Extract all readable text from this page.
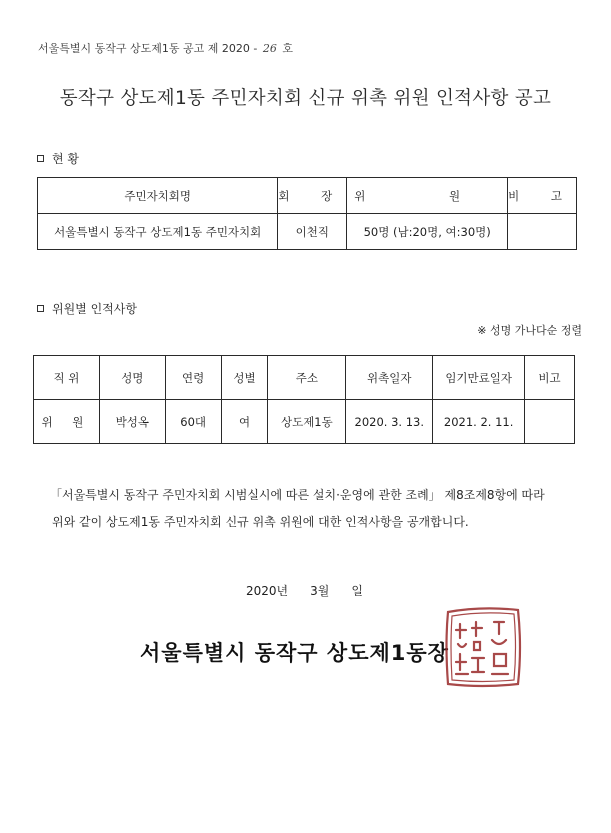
서울특별시 동작구 상도제1동 공고 제 2020 - 26 호
동작구 상도제1동 주민자치회 신규 위촉 위원 인적사항 공고
현 황
주민자치회명	회 장	위 원	비 고
서울특별시 동작구 상도제1동 주민자치회	이천직	50명 (남:20명, 여:30명)	
위원별 인적사항
※ 성명 가나다순 정렬
직 위	성명	연령	성별	주소	위촉일자	임기만료일자	비고
위 원	박성옥	60대	여	상도제1동	2020. 3. 13.	2021. 2. 11.	
「서울특별시 동작구 주민자치회 시범실시에 따른 설치·운영에 관한 조례」 제8조제8항에 따라
위와 같이 상도제1동 주민자치회 신규 위촉 위원에 대한 인적사항을 공개합니다.
2020년 3월 일
서울특별시 동작구 상도제1동장
